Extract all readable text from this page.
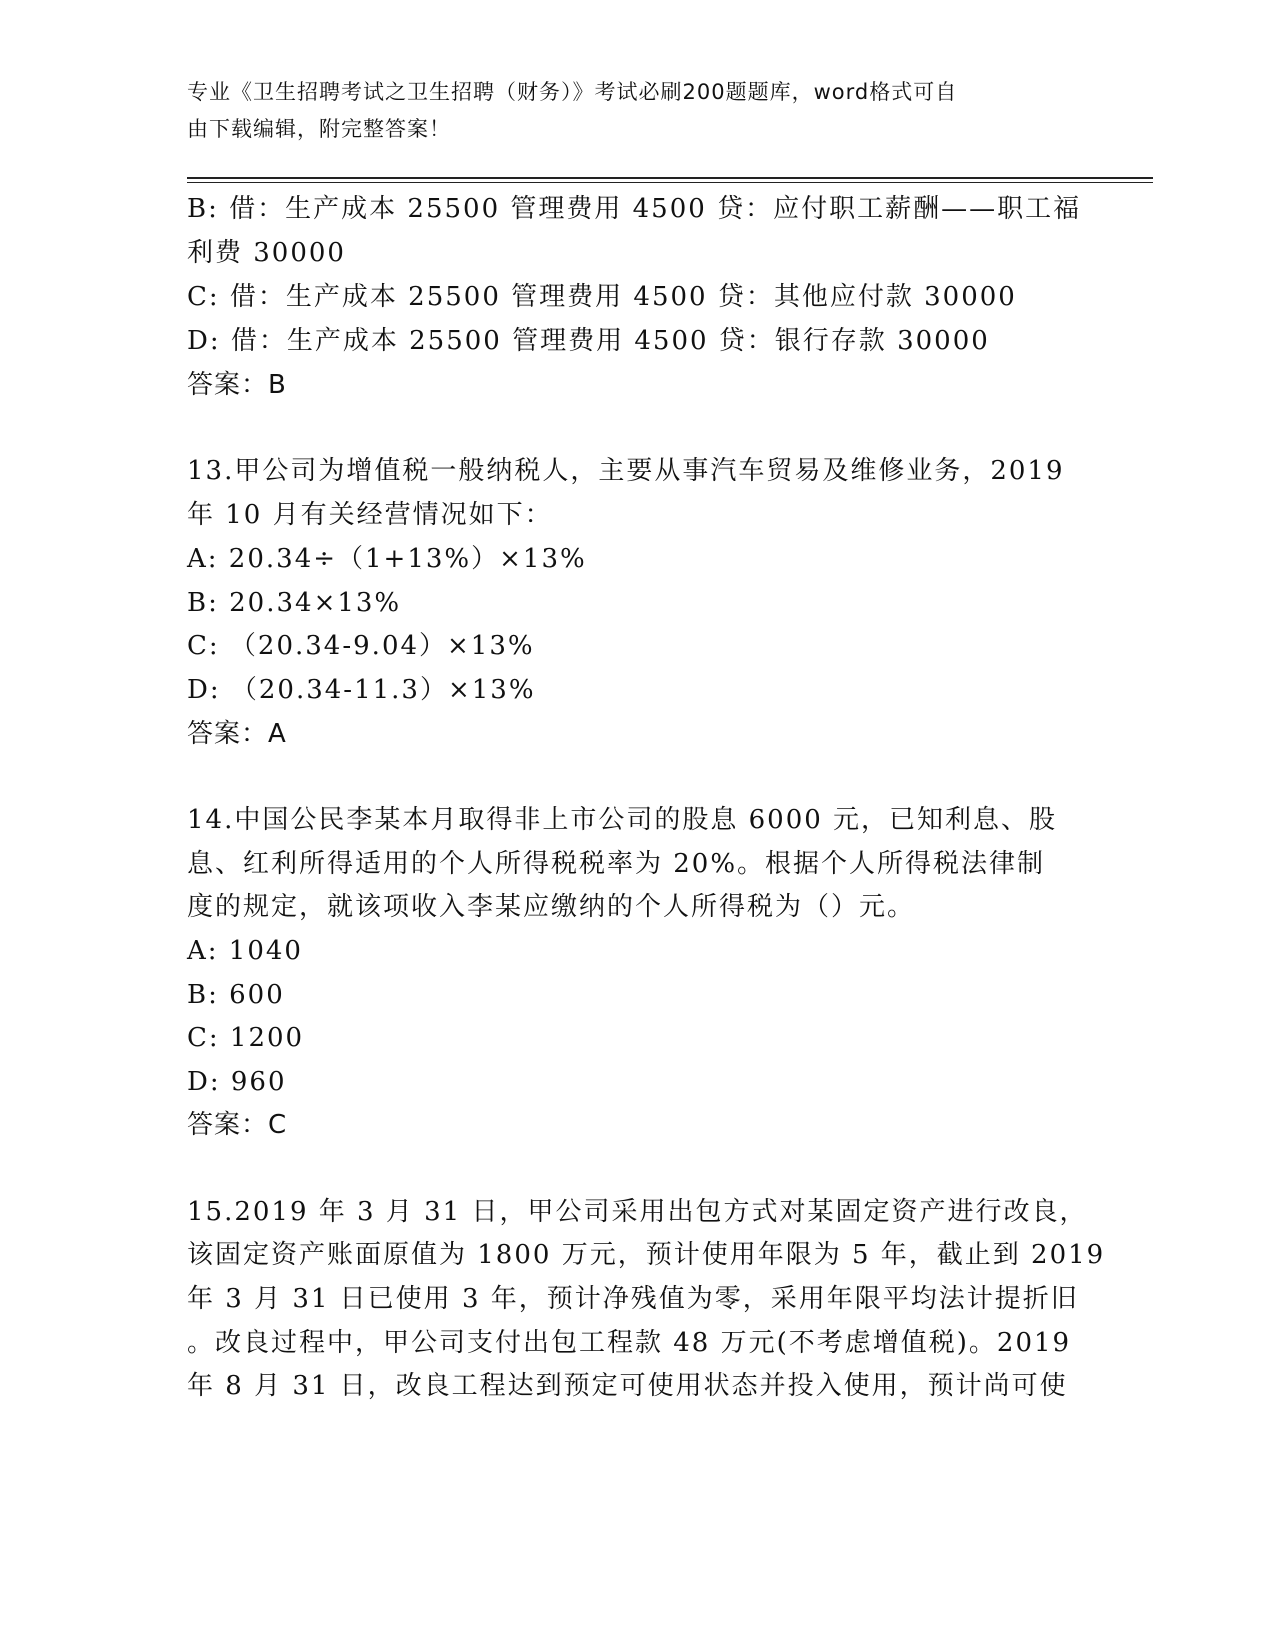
专业《卫生招聘考试之卫生招聘（财务）》考试必刷200题题库，word格式可自 由下载编辑，附完整答案！
B: 借：生产成本 25500 管理费用 4500 贷：应付职工薪酬——职工福
利费 30000
C: 借：生产成本 25500 管理费用 4500 贷：其他应付款 30000
D: 借：生产成本 25500 管理费用 4500 贷：银行存款 30000
答案：B
13.甲公司为增值税一般纳税人，主要从事汽车贸易及维修业务，2019
年 10 月有关经营情况如下：
A: 20.34÷（1+13%）×13%
B: 20.34×13%
C: （20.34-9.04）×13%
D: （20.34-11.3）×13%
答案：A
14.中国公民李某本月取得非上市公司的股息 6000 元，已知利息、股
息、红利所得适用的个人所得税税率为 20%。根据个人所得税法律制
度的规定，就该项收入李某应缴纳的个人所得税为（）元。
A: 1040
B: 600
C: 1200
D: 960
答案：C
15.2019 年 3 月 31 日，甲公司采用出包方式对某固定资产进行改良，
该固定资产账面原值为 1800 万元，预计使用年限为 5 年，截止到 2019
年 3 月 31 日已使用 3 年，预计净残值为零，采用年限平均法计提折旧
。改良过程中，甲公司支付出包工程款 48 万元(不考虑增值税)。2019
年 8 月 31 日，改良工程达到预定可使用状态并投入使用，预计尚可使
